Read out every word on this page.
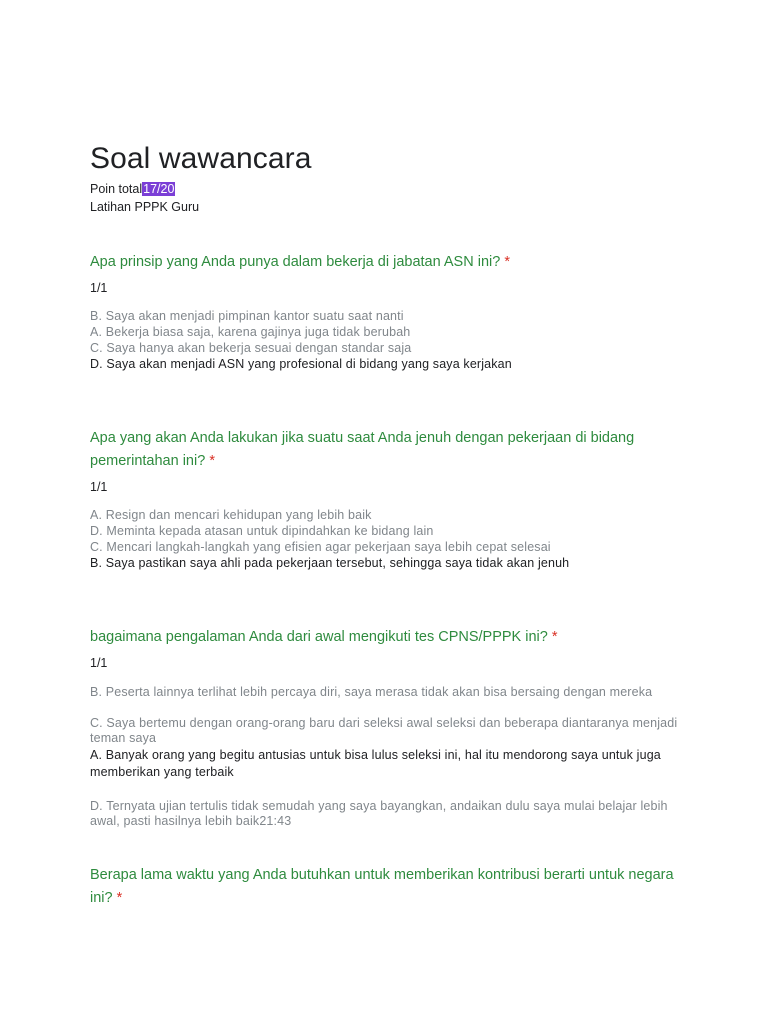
Soal wawancara
Poin total17/20
Latihan PPPK Guru
Apa prinsip yang Anda punya dalam bekerja di jabatan ASN ini? *
1/1
B. Saya akan menjadi pimpinan kantor suatu saat nanti
A. Bekerja biasa saja, karena gajinya juga tidak berubah
C. Saya hanya akan bekerja sesuai dengan standar saja
D. Saya akan menjadi ASN yang profesional di bidang yang saya kerjakan
Apa yang akan Anda lakukan jika suatu saat Anda jenuh dengan pekerjaan di bidang pemerintahan ini? *
1/1
A. Resign dan mencari kehidupan yang lebih baik
D. Meminta kepada atasan untuk dipindahkan ke bidang lain
C. Mencari langkah-langkah yang efisien agar pekerjaan saya lebih cepat selesai
B. Saya pastikan saya ahli pada pekerjaan tersebut, sehingga saya tidak akan jenuh
bagaimana pengalaman Anda dari awal mengikuti tes CPNS/PPPK ini? *
1/1
B. Peserta lainnya terlihat lebih percaya diri, saya merasa tidak akan bisa bersaing dengan mereka
C. Saya bertemu dengan orang-orang baru dari seleksi awal seleksi dan beberapa diantaranya menjadi teman saya
A. Banyak orang yang begitu antusias untuk bisa lulus seleksi ini, hal itu mendorong saya untuk juga memberikan yang terbaik
D. Ternyata ujian tertulis tidak semudah yang saya bayangkan, andaikan dulu saya mulai belajar lebih awal, pasti hasilnya lebih baik21:43
Berapa lama waktu yang Anda butuhkan untuk memberikan kontribusi berarti untuk negara ini? *
